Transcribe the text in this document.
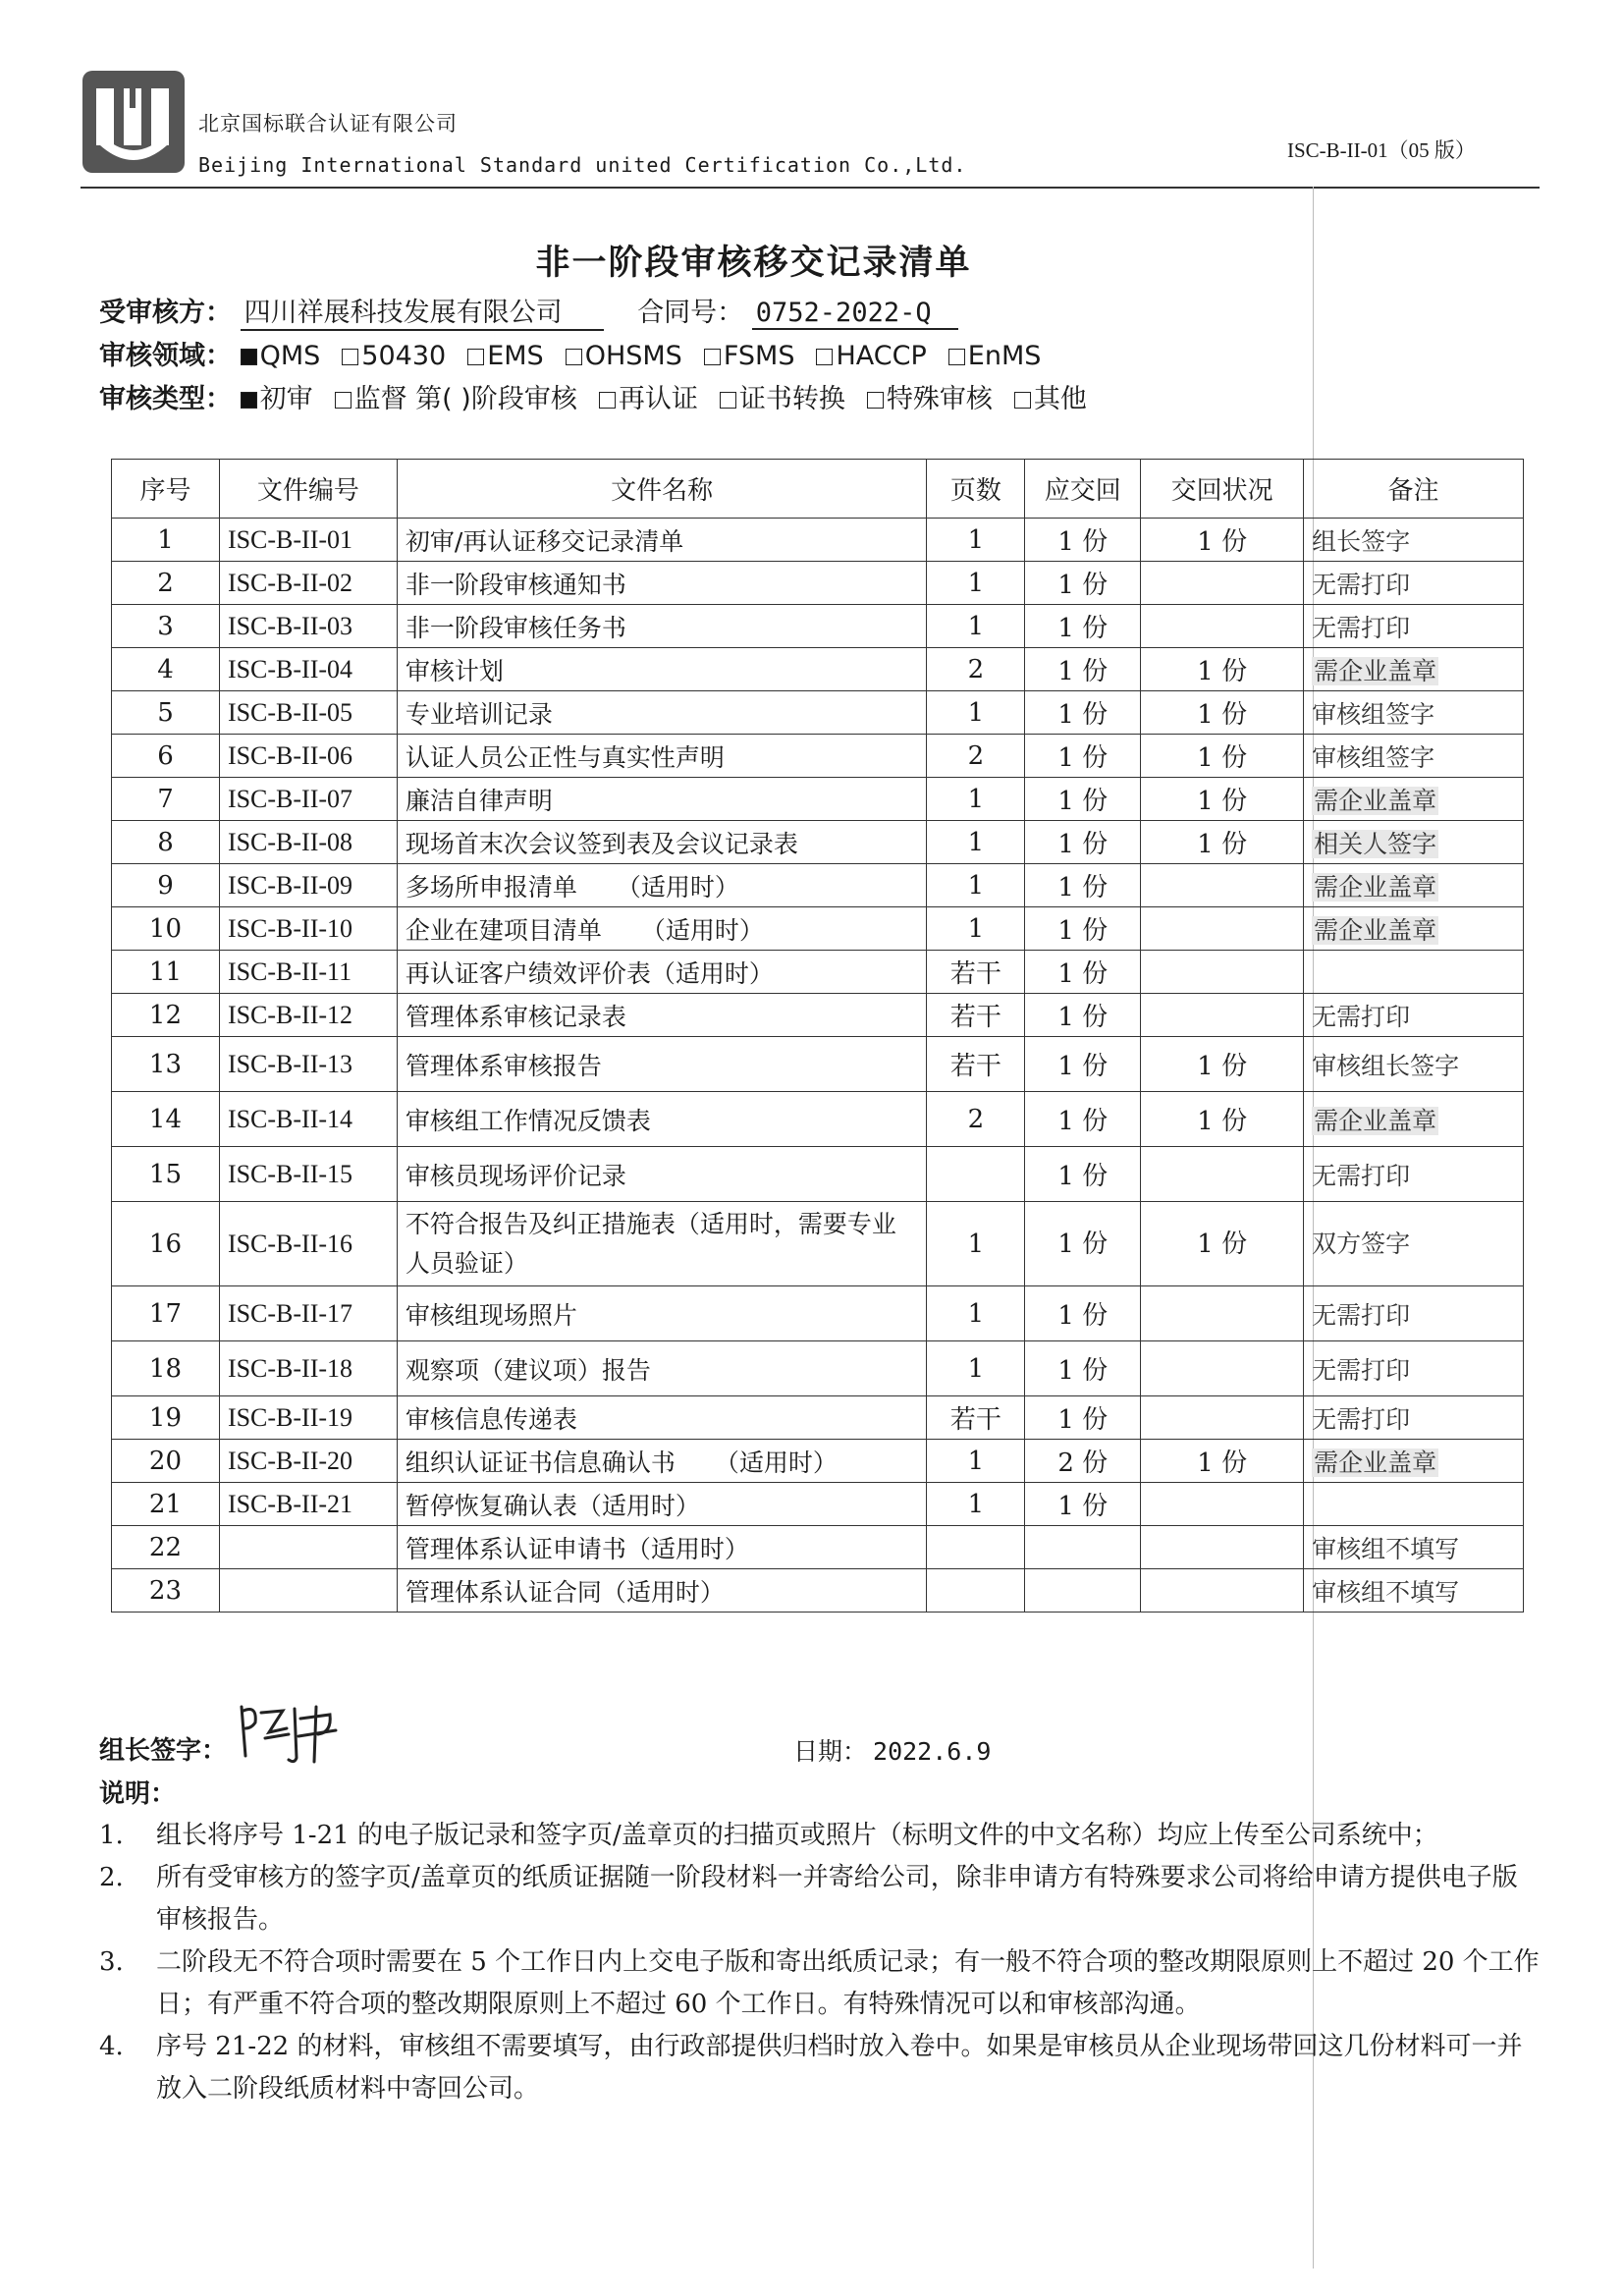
北京国标联合认证有限公司
Beijing International Standard united Certification Co.,Ltd.
ISC-B-II-01（05 版）
非一阶段审核移交记录清单
受审核方： 四川祥展科技发展有限公司	合同号： 0752-2022-Q
审核领域： QMS 50430 EMS OHSMS FSMS HACCP EnMS
审核类型： 初审 监督 第( )阶段审核 再认证 证书转换 特殊审核 其他
序号	文件编号	文件名称	页数	应交回	交回状况	备注
1	ISC-B-II-01	初审/再认证移交记录清单	1	1 份	1 份	组长签字
2	ISC-B-II-02	非一阶段审核通知书	1	1 份		无需打印
3	ISC-B-II-03	非一阶段审核任务书	1	1 份		无需打印
4	ISC-B-II-04	审核计划	2	1 份	1 份	需企业盖章
5	ISC-B-II-05	专业培训记录	1	1 份	1 份	审核组签字
6	ISC-B-II-06	认证人员公正性与真实性声明	2	1 份	1 份	审核组签字
7	ISC-B-II-07	廉洁自律声明	1	1 份	1 份	需企业盖章
8	ISC-B-II-08	现场首末次会议签到表及会议记录表	1	1 份	1 份	相关人签字
9	ISC-B-II-09	多场所申报清单 （适用时）	1	1 份		需企业盖章
10	ISC-B-II-10	企业在建项目清单 （适用时）	1	1 份		需企业盖章
11	ISC-B-II-11	再认证客户绩效评价表（适用时）	若干	1 份		
12	ISC-B-II-12	管理体系审核记录表	若干	1 份		无需打印
13	ISC-B-II-13	管理体系审核报告	若干	1 份	1 份	审核组长签字
14	ISC-B-II-14	审核组工作情况反馈表	2	1 份	1 份	需企业盖章
15	ISC-B-II-15	审核员现场评价记录		1 份		无需打印
16	ISC-B-II-16	不符合报告及纠正措施表（适用时，需要专业人员验证）	1	1 份	1 份	双方签字
17	ISC-B-II-17	审核组现场照片	1	1 份		无需打印
18	ISC-B-II-18	观察项（建议项）报告	1	1 份		无需打印
19	ISC-B-II-19	审核信息传递表	若干	1 份		无需打印
20	ISC-B-II-20	组织认证证书信息确认书 （适用时）	1	2 份	1 份	需企业盖章
21	ISC-B-II-21	暂停恢复确认表（适用时）	1	1 份		
22		管理体系认证申请书（适用时）				审核组不填写
23		管理体系认证合同（适用时）				审核组不填写
组长签字：	日期： 2022.6.9
说明：
1.	组长将序号 1-21 的电子版记录和签字页/盖章页的扫描页或照片（标明文件的中文名称）均应上传至公司系统中；
2.	所有受审核方的签字页/盖章页的纸质证据随一阶段材料一并寄给公司，除非申请方有特殊要求公司将给申请方提供电子版审核报告。
3.	二阶段无不符合项时需要在 5 个工作日内上交电子版和寄出纸质记录；有一般不符合项的整改期限原则上不超过 20 个工作日；有严重不符合项的整改期限原则上不超过 60 个工作日。有特殊情况可以和审核部沟通。
4.	序号 21-22 的材料，审核组不需要填写，由行政部提供归档时放入卷中。如果是审核员从企业现场带回这几份材料可一并放入二阶段纸质材料中寄回公司。
